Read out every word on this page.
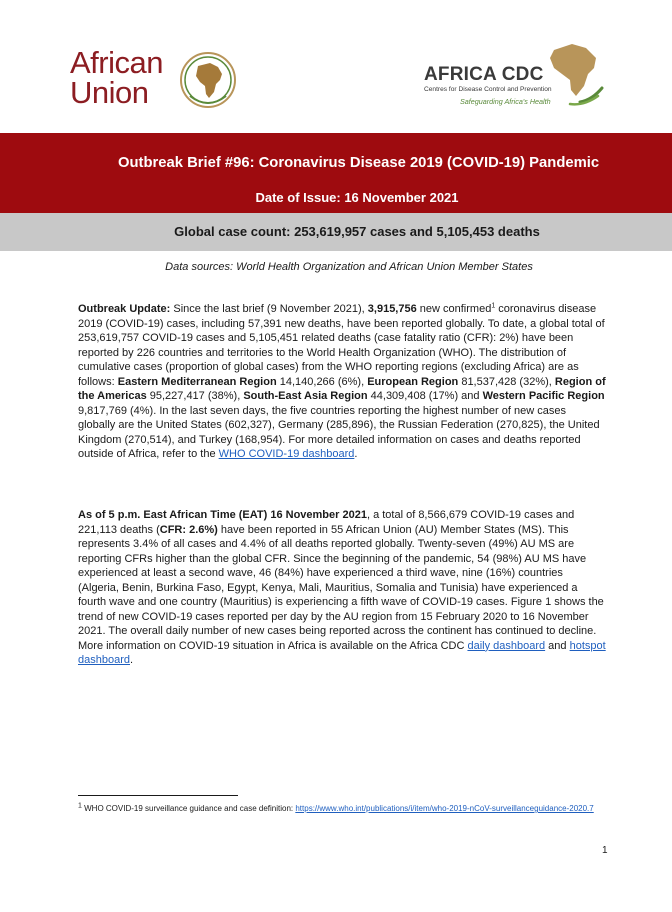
African
Union
AFRICA CDC
Centres for Disease Control and Prevention
Safeguarding Africa's Health
Outbreak Brief #96: Coronavirus Disease 2019 (COVID-19) Pandemic
Date of Issue: 16 November 2021
Global case count: 253,619,957 cases and 5,105,453 deaths
Data sources: World Health Organization and African Union Member States
Outbreak Update: Since the last brief (9 November 2021), 3,915,756 new confirmed$^1$ coronavirus disease 2019 (COVID-19) cases, including 57,391 new deaths, have been reported globally. To date, a global total of 253,619,757 COVID-19 cases and 5,105,451 related deaths (case fatality ratio (CFR): 2%) have been reported by 226 countries and territories to the World Health Organization (WHO). The distribution of cumulative cases (proportion of global cases) from the WHO reporting regions (excluding Africa) are as follows: Eastern Mediterranean Region 14,140,266 (6%), European Region 81,537,428 (32%), Region of the Americas 95,227,417 (38%), South-East Asia Region 44,309,408 (17%) and Western Pacific Region 9,817,769 (4%). In the last seven days, the five countries reporting the highest number of new cases globally are the United States (602,327), Germany (285,896), the Russian Federation (270,825), the United Kingdom (270,514), and Turkey (168,954). For more detailed information on cases and deaths reported outside of Africa, refer to the WHO COVID-19 dashboard.
As of 5 p.m. East African Time (EAT) 16 November 2021, a total of 8,566,679 COVID-19 cases and 221,113 deaths (CFR: 2.6%) have been reported in 55 African Union (AU) Member States (MS). This represents 3.4% of all cases and 4.4% of all deaths reported globally. Twenty-seven (49%) AU MS are reporting CFRs higher than the global CFR. Since the beginning of the pandemic, 54 (98%) AU MS have experienced at least a second wave, 46 (84%) have experienced a third wave, nine (16%) countries (Algeria, Benin, Burkina Faso, Egypt, Kenya, Mali, Mauritius, Somalia and Tunisia) have experienced a fourth wave and one country (Mauritius) is experiencing a fifth wave of COVID-19 cases. Figure 1 shows the trend of new COVID-19 cases reported per day by the AU region from 15 February 2020 to 16 November 2021. The overall daily number of new cases being reported across the continent has continued to decline. More information on COVID-19 situation in Africa is available on the Africa CDC daily dashboard and hotspot dashboard.
$^1$ WHO COVID-19 surveillance guidance and case definition: https://www.who.int/publications/i/item/who-2019-nCoV-surveillanceguidance-2020.7
1
